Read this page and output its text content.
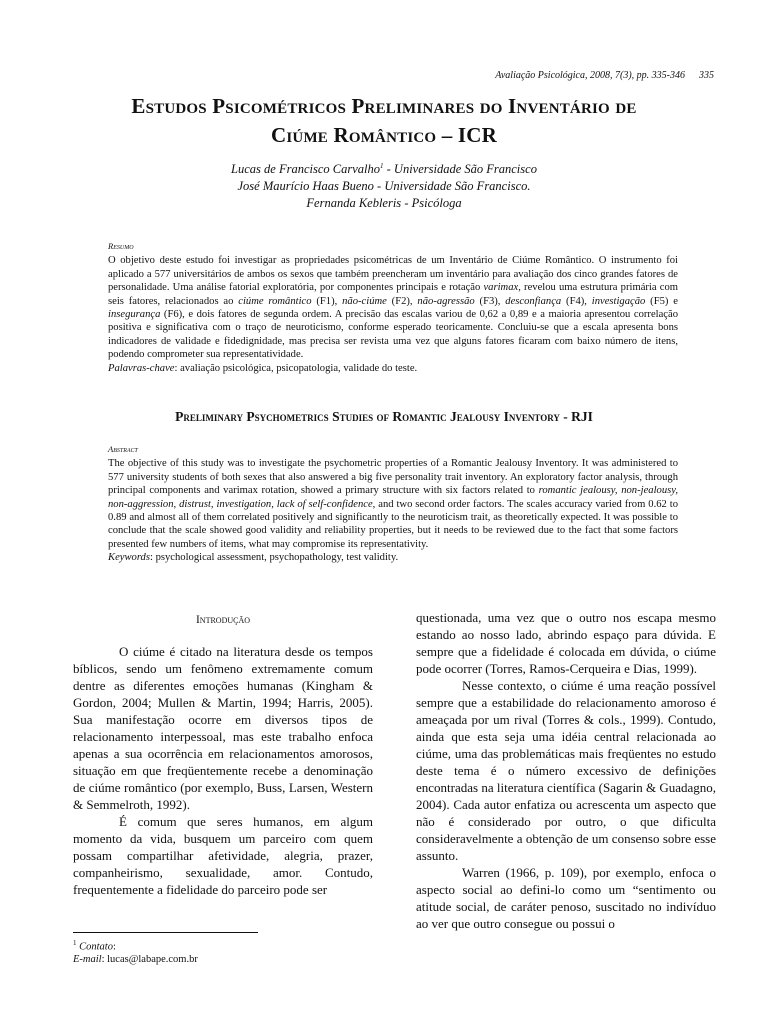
Avaliação Psicológica, 2008, 7(3), pp. 335-346 335
Estudos Psicométricos Preliminares do Inventário de
Ciúme Romântico – ICR
Lucas de Francisco Carvalho$^1$ - Universidade São Francisco
José Maurício Haas Bueno - Universidade São Francisco.
Fernanda Kebleris - Psicóloga
Resumo
O objetivo deste estudo foi investigar as propriedades psicométricas de um Inventário de Ciúme Romântico. O instrumento foi aplicado a 577 universitários de ambos os sexos que também preencheram um inventário para avaliação dos cinco grandes fatores de personalidade. Uma análise fatorial exploratória, por componentes principais e rotação varimax, revelou uma estrutura primária com seis fatores, relacionados ao ciúme romântico (F1), não-ciúme (F2), não-agressão (F3), desconfiança (F4), investigação (F5) e insegurança (F6), e dois fatores de segunda ordem. A precisão das escalas variou de 0,62 a 0,89 e a maioria apresentou correlação positiva e significativa com o traço de neuroticismo, conforme esperado teoricamente. Concluiu-se que a escala apresenta bons indicadores de validade e fidedignidade, mas precisa ser revista uma vez que alguns fatores ficaram com baixo número de itens, podendo comprometer sua representatividade.
Palavras-chave: avaliação psicológica, psicopatologia, validade do teste.
Preliminary Psychometrics Studies of Romantic Jealousy Inventory - RJI
Abstract
The objective of this study was to investigate the psychometric properties of a Romantic Jealousy Inventory. It was administered to 577 university students of both sexes that also answered a big five personality trait inventory. An exploratory factor analysis, through principal components and varimax rotation, showed a primary structure with six factors related to romantic jealousy, non-jealousy, non-aggression, distrust, investigation, lack of self-confidence, and two second order factors. The scales accuracy varied from 0.62 to 0.89 and almost all of them correlated positively and significantly to the neuroticism trait, as theoretically expected. It was possible to conclude that the scale showed good validity and reliability properties, but it needs to be reviewed due to the fact that some factors presented few numbers of items, what may compromise its representativity.
Keywords: psychological assessment, psychopathology, test validity.
Introdução

O ciúme é citado na literatura desde os tempos bíblicos, sendo um fenômeno extremamente comum dentre as diferentes emoções humanas (Kingham & Gordon, 2004; Mullen & Martin, 1994; Harris, 2005). Sua manifestação ocorre em diversos tipos de relacionamento interpessoal, mas este trabalho enfoca apenas a sua ocorrência em relacionamentos amorosos, situação em que freqüentemente recebe a denominação de ciúme romântico (por exemplo, Buss, Larsen, Western & Semmelroth, 1992).

É comum que seres humanos, em algum momento da vida, busquem um parceiro com quem possam compartilhar afetividade, alegria, prazer, companheirismo, sexualidade, amor. Contudo, frequentemente a fidelidade do parceiro pode ser

questionada, uma vez que o outro nos escapa mesmo estando ao nosso lado, abrindo espaço para dúvida. E sempre que a fidelidade é colocada em dúvida, o ciúme pode ocorrer (Torres, Ramos-Cerqueira e Dias, 1999).

Nesse contexto, o ciúme é uma reação possível sempre que a estabilidade do relacionamento amoroso é ameaçada por um rival (Torres & cols., 1999). Contudo, ainda que esta seja uma idéia central relacionada ao ciúme, uma das problemáticas mais freqüentes no estudo deste tema é o número excessivo de definições encontradas na literatura científica (Sagarin & Guadagno, 2004). Cada autor enfatiza ou acrescenta um aspecto que não é considerado por outro, o que dificulta consideravelmente a obtenção de um consenso sobre esse assunto.

Warren (1966, p. 109), por exemplo, enfoca o aspecto social ao defini-lo como um “sentimento ou atitude social, de caráter penoso, suscitado no indivíduo ao ver que outro consegue ou possui o

$^1$ Contato:
E-mail: lucas@labape.com.br
